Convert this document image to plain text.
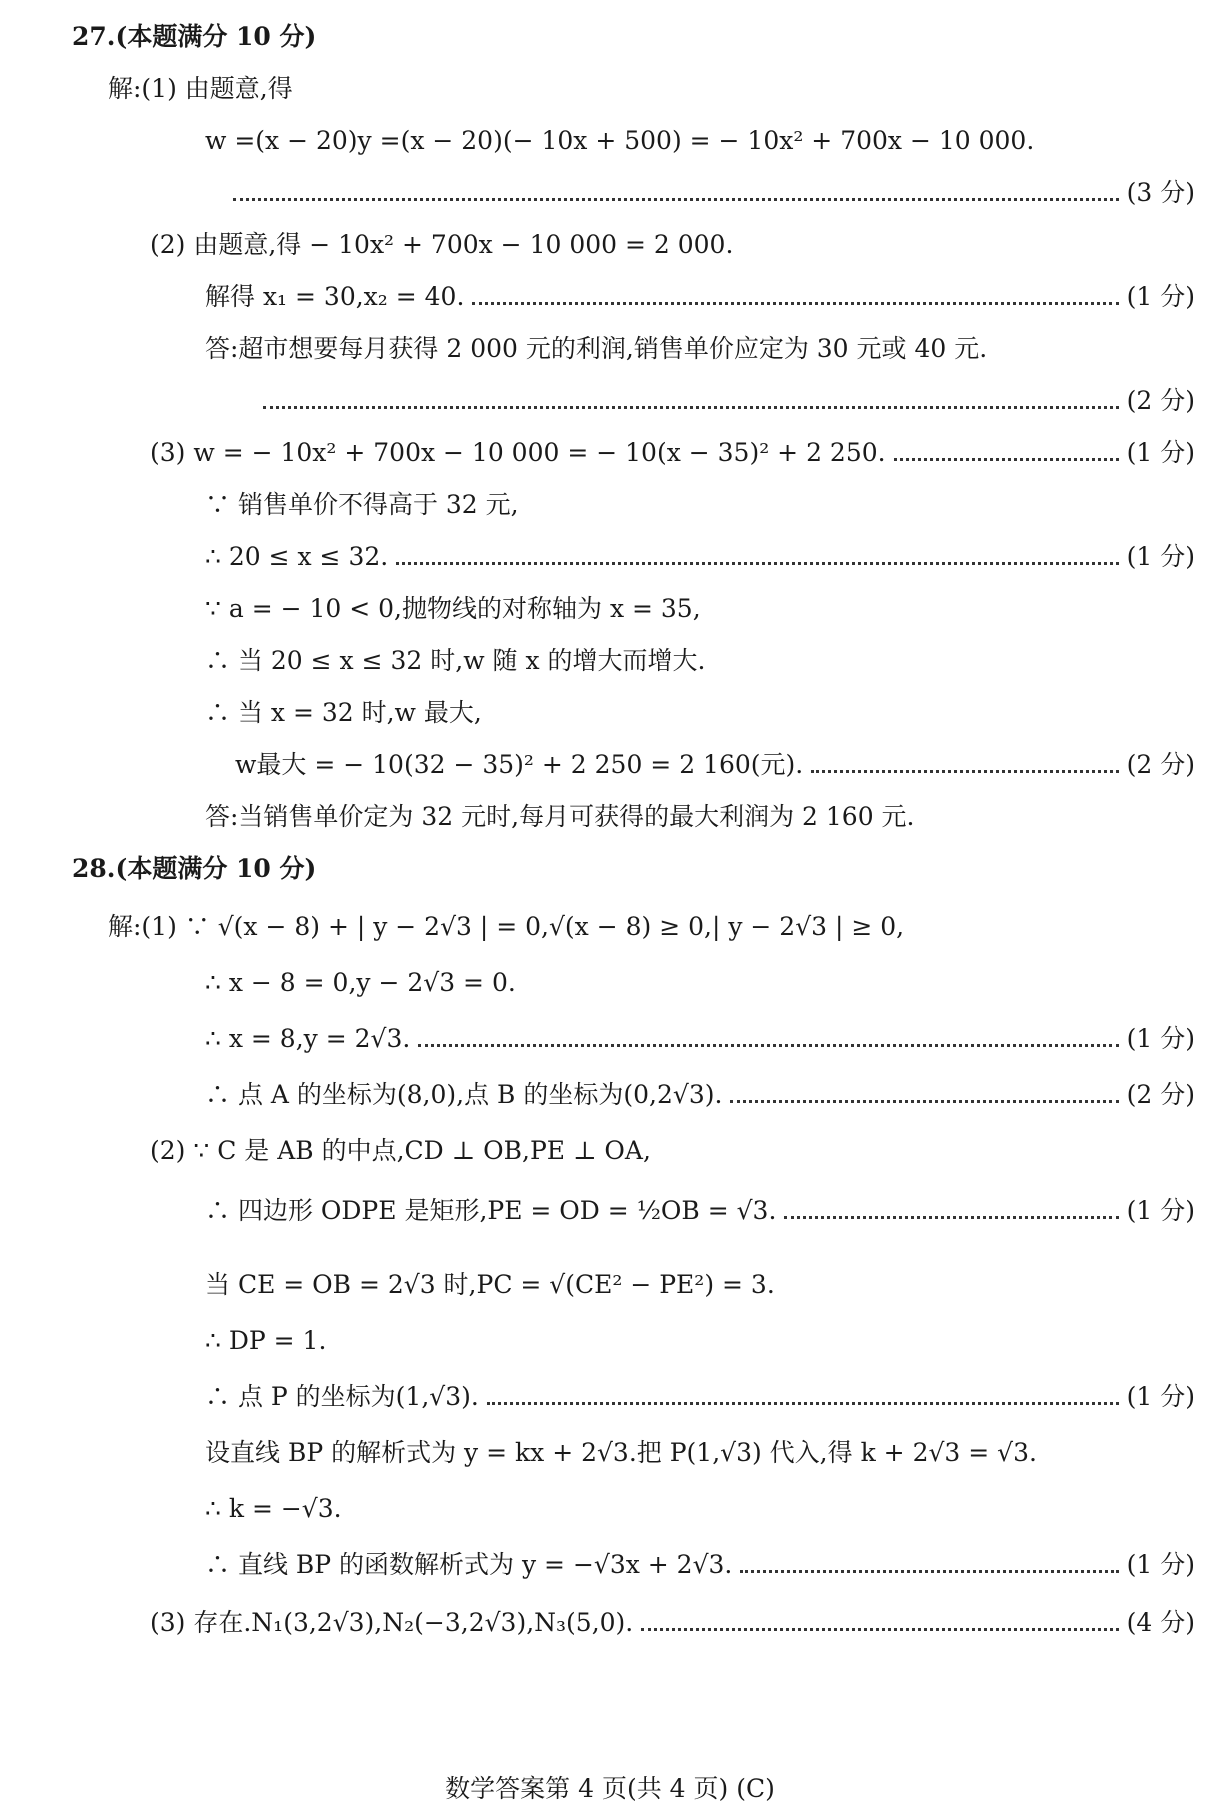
27.(本题满分 10 分)
解:(1) 由题意,得
w =(x − 20)y =(x − 20)(− 10x + 500) = − 10x² + 700x − 10 000.
(3 分)
(2) 由题意,得 − 10x² + 700x − 10 000 = 2 000.
解得 x₁ = 30,x₂ = 40.	(1 分)
答:超市想要每月获得 2 000 元的利润,销售单价应定为 30 元或 40 元.
(2 分)
(3) w = − 10x² + 700x − 10 000 = − 10(x − 35)² + 2 250.	(1 分)
∵ 销售单价不得高于 32 元,
∴ 20 ≤ x ≤ 32.	(1 分)
∵ a = − 10 < 0,抛物线的对称轴为 x = 35,
∴ 当 20 ≤ x ≤ 32 时,w 随 x 的增大而增大.
∴ 当 x = 32 时,w 最大,
w最大 = − 10(32 − 35)² + 2 250 = 2 160(元).	(2 分)
答:当销售单价定为 32 元时,每月可获得的最大利润为 2 160 元.
28.(本题满分 10 分)
解:(1) ∵ √(x − 8) + | y − 2√3 | = 0,√(x − 8) ≥ 0,| y − 2√3 | ≥ 0,
∴ x − 8 = 0,y − 2√3 = 0.
∴ x = 8,y = 2√3.	(1 分)
∴ 点 A 的坐标为(8,0),点 B 的坐标为(0,2√3).	(2 分)
(2) ∵ C 是 AB 的中点,CD ⊥ OB,PE ⊥ OA,
∴ 四边形 ODPE 是矩形,PE = OD = ½OB = √3.	(1 分)
当 CE = OB = 2√3 时,PC = √(CE² − PE²) = 3.
∴ DP = 1.
∴ 点 P 的坐标为(1,√3).	(1 分)
设直线 BP 的解析式为 y = kx + 2√3.把 P(1,√3) 代入,得 k + 2√3 = √3.
∴ k = −√3.
∴ 直线 BP 的函数解析式为 y = −√3x + 2√3.	(1 分)
(3) 存在.N₁(3,2√3),N₂(−3,2√3),N₃(5,0).	(4 分)
数学答案第 4 页(共 4 页) (C)
